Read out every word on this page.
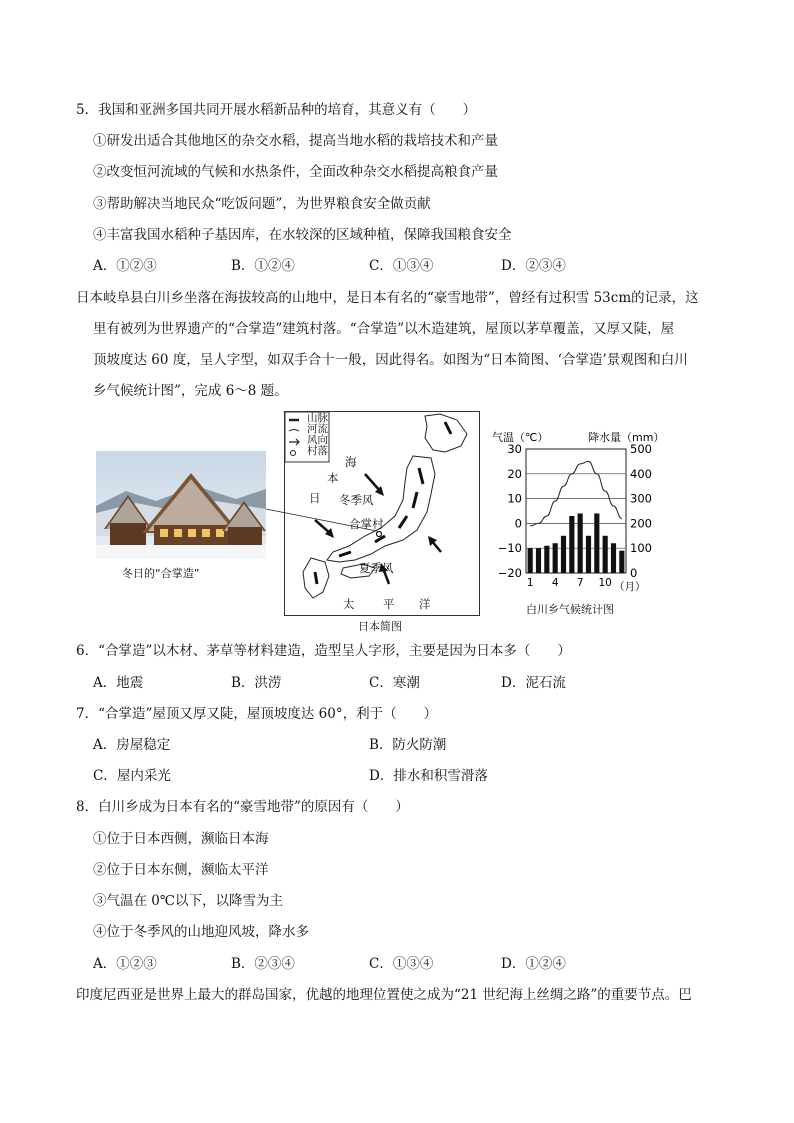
5．我国和亚洲多国共同开展水稻新品种的培育，其意义有（　　）
①研发出适合其他地区的杂交水稻，提高当地水稻的栽培技术和产量
②改变恒河流域的气候和水热条件，全面改种杂交水稻提高粮食产量
③帮助解决当地民众“吃饭问题”，为世界粮食安全做贡献
④丰富我国水稻种子基因库，在水较深的区域种植，保障我国粮食安全
A．①②③	B．①②④	C．①③④	D．②③④
日本岐阜县白川乡坐落在海拔较高的山地中，是日本有名的“豪雪地带”，曾经有过积雪 53cm的记录，这
里有被列为世界遗产的“合掌造”建筑村落。“合掌造”以木造建筑，屋顶以茅草覆盖，又厚又陡，屋
顶坡度达 60 度，呈人字型，如双手合十一般，因此得名。如图为“日本简图、‘合掌造’景观图和白川
乡气候统计图”，完成 6～8 题。
冬日的“合掌造”
山脉
河流
风向
村落
海
本
日 冬季风
合掌村
夏季风
太 平 洋
日本简图
气温（℃）	降水量（mm）
30
20
10
0
−10
−20
500
400
300
200
100
0
1 4 7 10 （月）
白川乡气候统计图
6．“合掌造”以木材、茅草等材料建造，造型呈人字形，主要是因为日本多（　　）
A．地震	B．洪涝	C．寒潮	D．泥石流
7．“合掌造”屋顶又厚又陡，屋顶坡度达 60°，利于（　　）
A．房屋稳定	B．防火防潮
C．屋内采光	D．排水和积雪滑落
8．白川乡成为日本有名的“豪雪地带”的原因有（　　）
①位于日本西侧，濒临日本海
②位于日本东侧，濒临太平洋
③气温在 0℃以下，以降雪为主
④位于冬季风的山地迎风坡，降水多
A．①②③	B．②③④	C．①③④	D．①②④
印度尼西亚是世界上最大的群岛国家，优越的地理位置使之成为“21 世纪海上丝绸之路”的重要节点。巴
